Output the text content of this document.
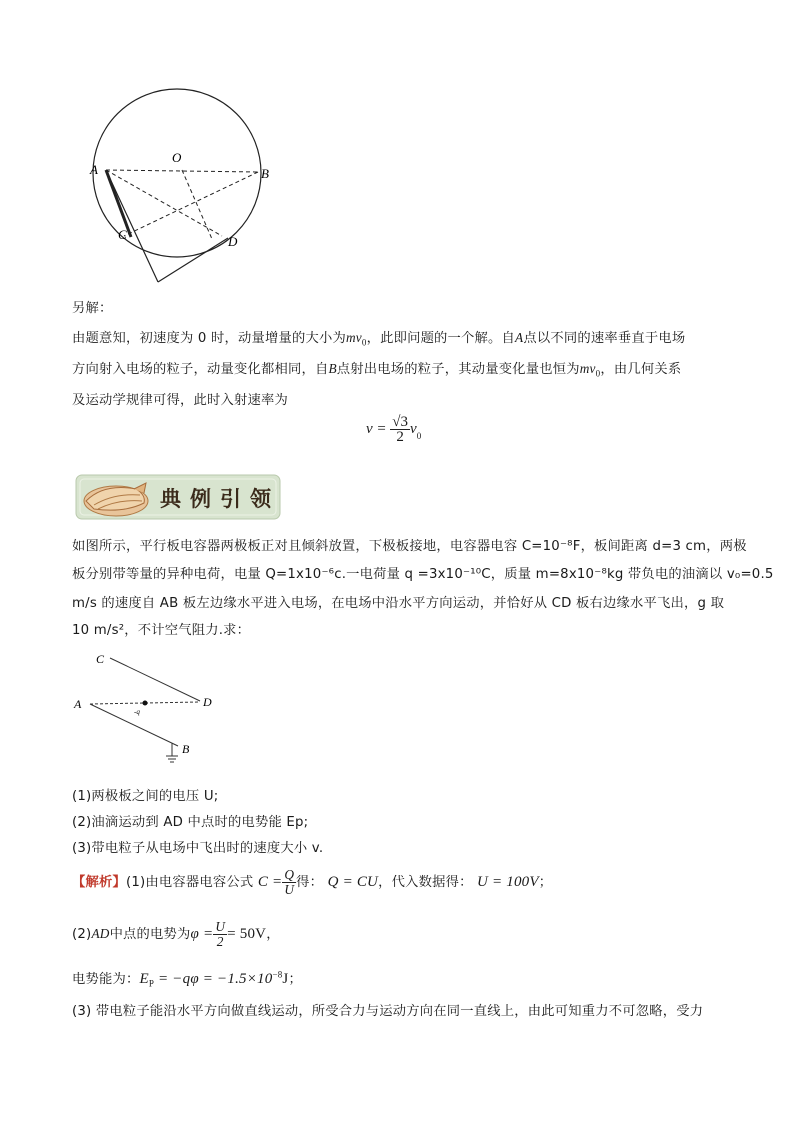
A
O
B
C	D
另解：
由题意知，初速度为 0 时，动量增量的大小为$mv_0$，此即问题的一个解。自A点以不同的速率垂直于电场
方向射入电场的粒子，动量变化都相同，自B点射出电场的粒子，其动量变化量也恒为$mv_0$，由几何关系
及运动学规律可得，此时入射速率为
$v = \frac{√3}{2} v_0$
典例引领
如图所示，平行板电容器两极板正对且倾斜放置，下极板接地，电容器电容 C=10⁻⁸F，板间距离 d=3 cm，两极
板分别带等量的异种电荷，电量 Q=1x10⁻⁶c.一电荷量 q =3x10⁻¹⁰C，质量 m=8x10⁻⁸kg 带负电的油滴以 v₀=0.5
m/s 的速度自 AB 板左边缘水平进入电场，在电场中沿水平方向运动，并恰好从 CD 板右边缘水平飞出，g 取
10 m/s²，不计空气阻力.求：
C
A	D
B
-q
(1)两极板之间的电压 U;
(2)油滴运动到 AD 中点时的电势能 Ep;
(3)带电粒子从电场中飞出时的速度大小 v.
【解析】(1)由电容器电容公式 $C = \frac{Q}{U}$ 得： Q = CU，代入数据得： U = 100V；
(2)AD中点的电势为$\varphi = \frac{U}{2} = 50V$，
电势能为：$E_P = -q\varphi = -1.5\times 10^{-8}J$；
(3) 带电粒子能沿水平方向做直线运动，所受合力与运动方向在同一直线上，由此可知重力不可忽略，受力
